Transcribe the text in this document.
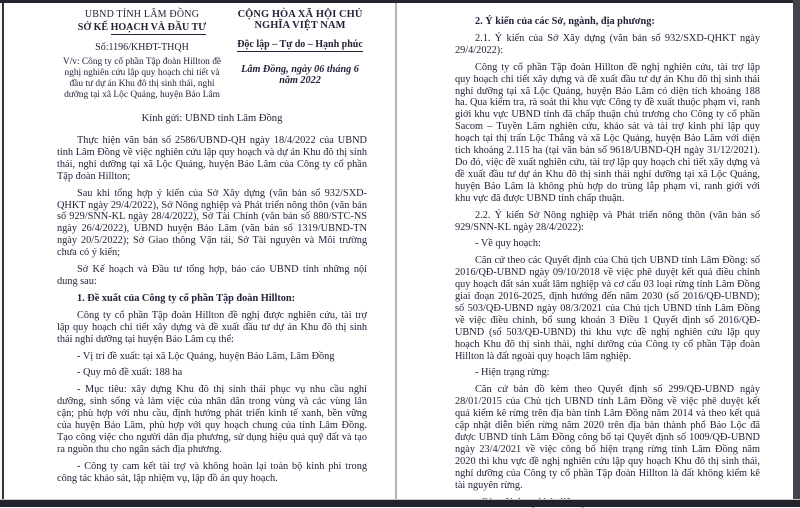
UBND TỈNH LÂM ĐỒNG
SỞ KẾ HOẠCH VÀ ĐẦU TƯ
Số:1196/KHĐT-THQH
V/v: Công ty cổ phần Tập đoàn Hillton đề nghị nghiên cứu lập quy hoạch chi tiết và đầu tư dự án Khu đô thị sinh thái, nghỉ dưỡng tại xã Lộc Quảng, huyện Bảo Lâm
CỘNG HÒA XÃ HỘI CHỦ NGHĨA VIỆT NAM
Độc lập – Tự do – Hạnh phúc
Lâm Đồng, ngày 06 tháng 6 năm 2022
Kính gửi: UBND tỉnh Lâm Đồng

Thực hiện văn bản số 2586/UBND-QH ngày 18/4/2022 của UBND tỉnh Lâm Đồng về việc nghiên cứu lập quy hoạch và dự án Khu đô thị sinh thái, nghỉ dưỡng tại xã Lộc Quảng, huyện Bảo Lâm của Công ty cổ phần Tập đoàn Hillton;

Sau khi tổng hợp ý kiến của Sở Xây dựng (văn bản số 932/SXD-QHKT ngày 29/4/2022), Sở Nông nghiệp và Phát triển nông thôn (văn bản số 929/SNN-KL ngày 28/4/2022), Sở Tài Chính (văn bản số 880/STC-NS ngày 26/4/2022), UBND huyện Bảo Lâm (văn bản số 1319/UBND-TN ngày 20/5/2022); Sở Giao thông Vận tải, Sở Tài nguyên và Môi trường chưa có ý kiến;

Sở Kế hoạch và Đầu tư tổng hợp, báo cáo UBND tỉnh những nội dung sau:

1. Đề xuất của Công ty cổ phần Tập đoàn Hillton:

Công ty cổ phần Tập đoàn Hillton đề nghị được nghiên cứu, tài trợ lập quy hoạch chi tiết xây dựng và đề xuất đầu tư dự án Khu đô thị sinh thái nghỉ dưỡng tại huyện Bảo Lâm cụ thể:

- Vị trí đề xuất: tại xã Lộc Quảng, huyện Bảo Lâm, Lâm Đồng

- Quy mô đề xuất: 188 ha

- Mục tiêu: xây dựng Khu đô thị sinh thái phục vụ nhu cầu nghỉ dưỡng, sinh sống và làm việc của nhân dân trong vùng và các vùng lân cận; phù hợp với nhu cầu, định hướng phát triển kinh tế xanh, bền vững của huyện Bảo Lâm, phù hợp với quy hoạch chung của tỉnh Lâm Đồng. Tạo công việc cho người dân địa phương, sử dụng hiệu quả quỹ đất và tạo ra nguồn thu cho ngân sách địa phương.

- Công ty cam kết tài trợ và không hoàn lại toàn bộ kinh phí trong công tác khảo sát, lập nhiệm vụ, lập đồ án quy hoạch.

2. Ý kiến của các Sở, ngành, địa phương:

2.1. Ý kiến của Sở Xây dựng (văn bản số 932/SXD-QHKT ngày 29/4/2022):

Công ty cổ phần Tập đoàn Hillton đề nghị nghiên cứu, tài trợ lập quy hoạch chi tiết xây dựng và đề xuất đầu tư dự án Khu đô thị sinh thái nghỉ dưỡng tại xã Lộc Quảng, huyện Bảo Lâm có diện tích khoảng 188 ha. Qua kiểm tra, rà soát thì khu vực Công ty đề xuất thuộc phạm vi, ranh giới khu vực UBND tỉnh đã chấp thuận chủ trương cho Công ty cổ phần Sacom – Tuyền Lâm nghiên cứu, khảo sát và tài trợ kinh phí lập quy hoạch tại thị trấn Lộc Thắng và xã Lộc Quảng, huyện Bảo Lâm với diện tích khoảng 2.115 ha (tại văn bản số 9618/UBND-QH ngày 31/12/2021). Do đó, việc đề xuất nghiên cứu, tài trợ lập quy hoạch chi tiết xây dựng và đề xuất đầu tư dự án Khu đô thị sinh thái nghỉ dưỡng tại xã Lộc Quảng, huyện Bảo Lâm là không phù hợp do trùng lắp phạm vi, ranh giới với khu vực đã được UBND tỉnh chấp thuận.

2.2. Ý kiến Sở Nông nghiệp và Phát triển nông thôn (văn bản số 929/SNN-KL ngày 28/4/2022):

- Về quy hoạch:

Căn cứ theo các Quyết định của Chủ tịch UBND tỉnh Lâm Đồng: số 2016/QĐ-UBND ngày 09/10/2018 về việc phê duyệt kết quả điều chỉnh quy hoạch đất sản xuất lâm nghiệp và cơ cấu 03 loại rừng tỉnh Lâm Đồng giai đoạn 2016-2025, định hướng đến năm 2030 (số 2016/QĐ-UBND); số 503/QĐ-UBND ngày 08/3/2021 của Chủ tịch UBND tỉnh Lâm Đồng về việc điều chỉnh, bổ sung khoản 3 Điều 1 Quyết định số 2016/QĐ-UBND (số 503/QĐ-UBND) thì khu vực đề nghị nghiên cứu lập quy hoạch Khu đô thị sinh thái, nghỉ dưỡng của Công ty cổ phần Tập đoàn Hillton là đất ngoài quy hoạch lâm nghiệp.

- Hiện trạng rừng:

Căn cứ bản đồ kèm theo Quyết định số 299/QĐ-UBND ngày 28/01/2015 của Chủ tịch UBND tỉnh Lâm Đồng về việc phê duyệt kết quả kiểm kê rừng trên địa bàn tỉnh Lâm Đồng năm 2014 và theo kết quả cập nhật diễn biến rừng năm 2020 trên địa bàn thành phố Bảo Lộc đã được UBND tỉnh Lâm Đồng công bố tại Quyết định số 1009/QĐ-UBND ngày 23/4/2021 về việc công bố hiện trạng rừng tỉnh Lâm Đồng năm 2020 thì khu vực đề nghị nghiên cứu lập quy hoạch Khu đô thị sinh thái, nghỉ dưỡng của Công ty cổ phần Tập đoàn Hillton là đất không kiểm kê tài nguyên rừng.
